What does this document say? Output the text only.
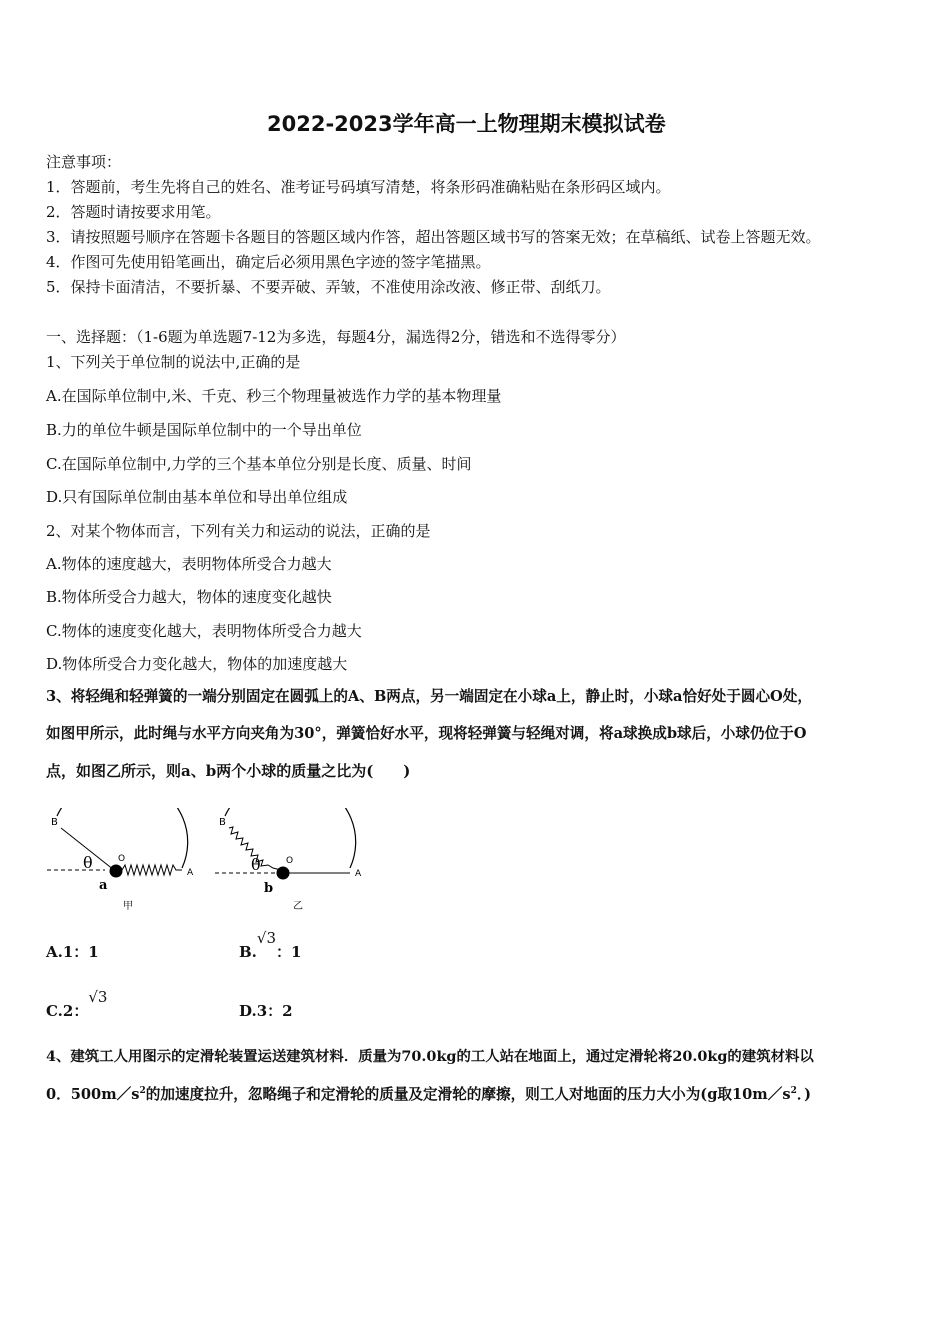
2022-2023学年高一上物理期末模拟试卷
注意事项：
1．答题前，考生先将自己的姓名、准考证号码填写清楚，将条形码准确粘贴在条形码区域内。
2．答题时请按要求用笔。
3．请按照题号顺序在答题卡各题目的答题区域内作答，超出答题区域书写的答案无效；在草稿纸、试卷上答题无效。
4．作图可先使用铅笔画出，确定后必须用黑色字迹的签字笔描黑。
5．保持卡面清洁，不要折暴、不要弄破、弄皱，不准使用涂改液、修正带、刮纸刀。
一、选择题：（1-6题为单选题7-12为多选，每题4分，漏选得2分，错选和不选得零分）
1、下列关于单位制的说法中,正确的是
A.在国际单位制中,米、千克、秒三个物理量被选作力学的基本物理量
B.力的单位牛顿是国际单位制中的一个导出单位
C.在国际单位制中,力学的三个基本单位分别是长度、质量、时间
D.只有国际单位制由基本单位和导出单位组成
2、对某个物体而言，下列有关力和运动的说法，正确的是
A.物体的速度越大，表明物体所受合力越大
B.物体所受合力越大，物体的速度变化越快
C.物体的速度变化越大，表明物体所受合力越大
D.物体所受合力变化越大，物体的加速度越大
3、将轻绳和轻弹簧的一端分别固定在圆弧上的A、B两点，另一端固定在小球a上，静止时，小球a恰好处于圆心O处，
如图甲所示，此时绳与水平方向夹角为30°，弹簧恰好水平，现将轻弹簧与轻绳对调，将a球换成b球后，小球仍位于O
点，如图乙所示，则a、b两个小球的质量之比为(　　)
B
θ	O
A
a
甲
B
θ	O
A
b
乙
A.1：1	B.√3：1
C.2：√3
D.3：2
4、建筑工人用图示的定滑轮装置运送建筑材料．质量为70.0kg的工人站在地面上，通过定滑轮将20.0kg的建筑材料以
0．$500m/s^2$的加速度拉升，忽略绳子和定滑轮的质量及定滑轮的摩擦，则工人对地面的压力大小为(g取$10m/s^2$．)
